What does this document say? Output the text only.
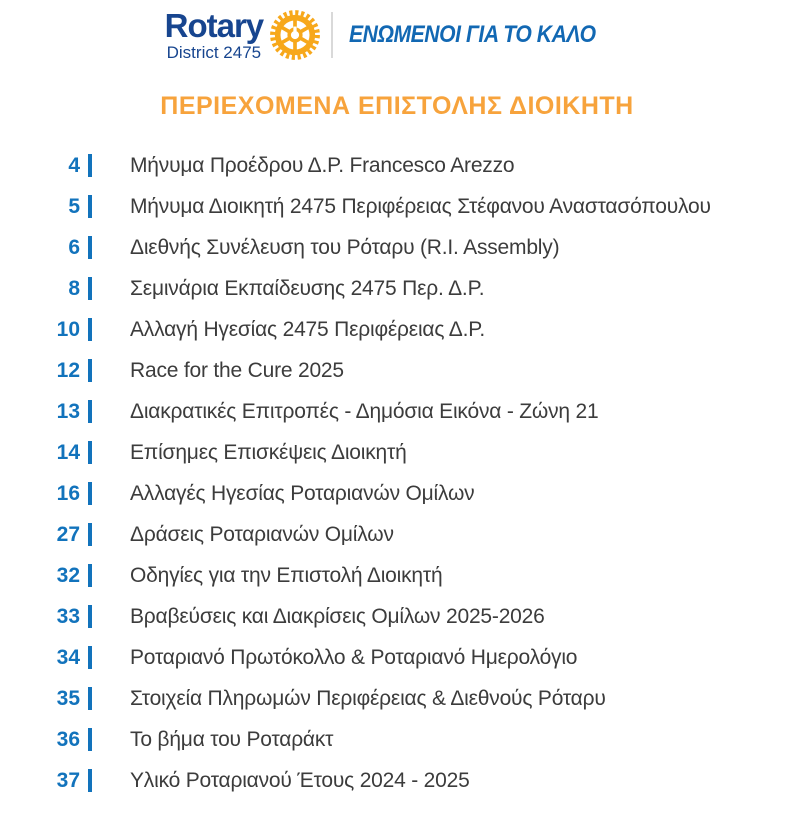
Rotary
District 2475
ΕΝΩΜΕΝΟΙ ΓΙΑ ΤΟ ΚΑΛΟ
ΠΕΡΙΕΧΟΜΕΝΑ ΕΠΙΣΤΟΛΗΣ ΔΙΟΙΚΗΤΗ
4 Μήνυμα Προέδρου Δ.Ρ. Francesco Arezzo
5 Μήνυμα Διοικητή 2475 Περιφέρειας Στέφανου Αναστασόπουλου
6 Διεθνής Συνέλευση του Ρόταρυ (R.I. Assembly)
8 Σεμινάρια Εκπαίδευσης 2475 Περ. Δ.Ρ.
10 Αλλαγή Ηγεσίας 2475 Περιφέρειας Δ.Ρ.
12 Race for the Cure 2025
13 Διακρατικές Επιτροπές - Δημόσια Εικόνα - Ζώνη 21
14 Επίσημες Επισκέψεις Διοικητή
16 Αλλαγές Ηγεσίας Ροταριανών Ομίλων
27 Δράσεις Ροταριανών Ομίλων
32 Οδηγίες για την Επιστολή Διοικητή
33 Βραβεύσεις και Διακρίσεις Ομίλων 2025-2026
34 Ροταριανό Πρωτόκολλο & Ροταριανό Ημερολόγιο
35 Στοιχεία Πληρωμών Περιφέρειας & Διεθνούς Ρόταρυ
36 Το βήμα του Ροταράκτ
37 Υλικό Ροταριανού Έτους 2024 - 2025
